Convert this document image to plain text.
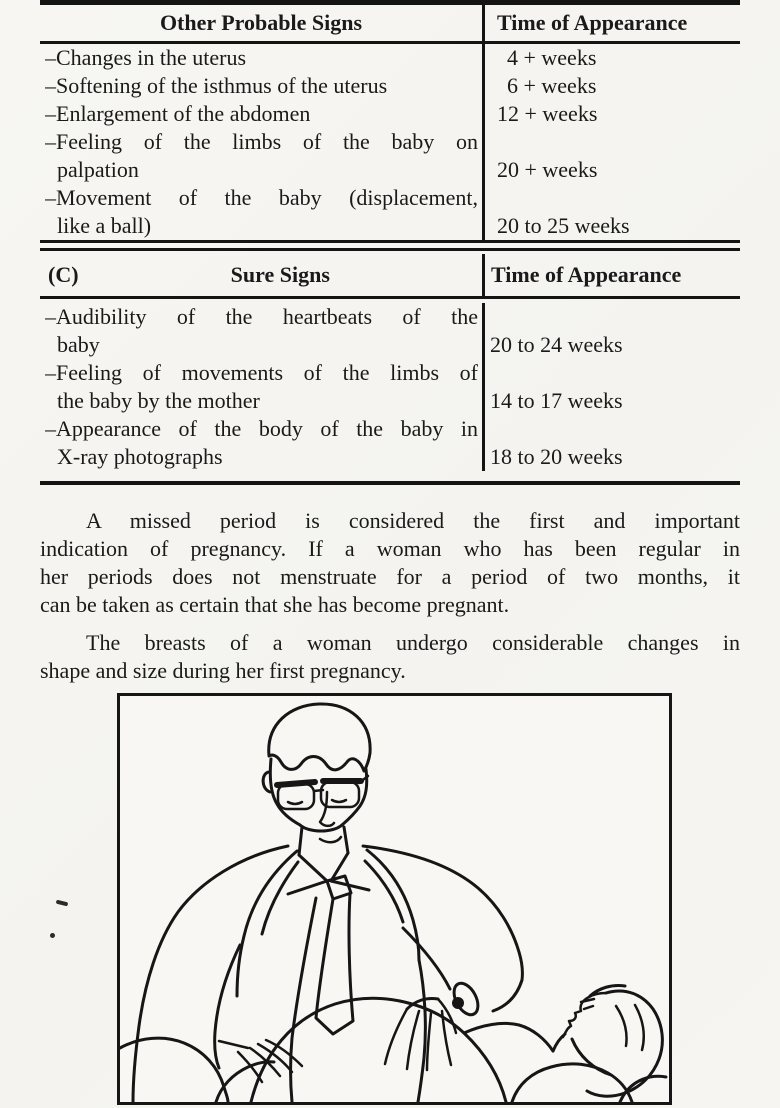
Other Probable Signs	Time of Appearance
–Changes in the uterus	4 + weeks
–Softening of the isthmus of the uterus	6 + weeks
–Enlargement of the abdomen	12 + weeks
–Feeling of the limbs of the baby on
palpation	20 + weeks
–Movement of the baby (displacement,
like a ball)	20 to 25 weeks
(C)	Sure Signs	Time of Appearance
–Audibility of the heartbeats of the
baby	20 to 24 weeks
–Feeling of movements of the limbs of
the baby by the mother	14 to 17 weeks
–Appearance of the body of the baby in
X-ray photographs	18 to 20 weeks
A missed period is considered the first and important
indication of pregnancy. If a woman who has been regular in
her periods does not menstruate for a period of two months, it
can be taken as certain that she has become pregnant.
The breasts of a woman undergo considerable changes in
shape and size during her first pregnancy.
